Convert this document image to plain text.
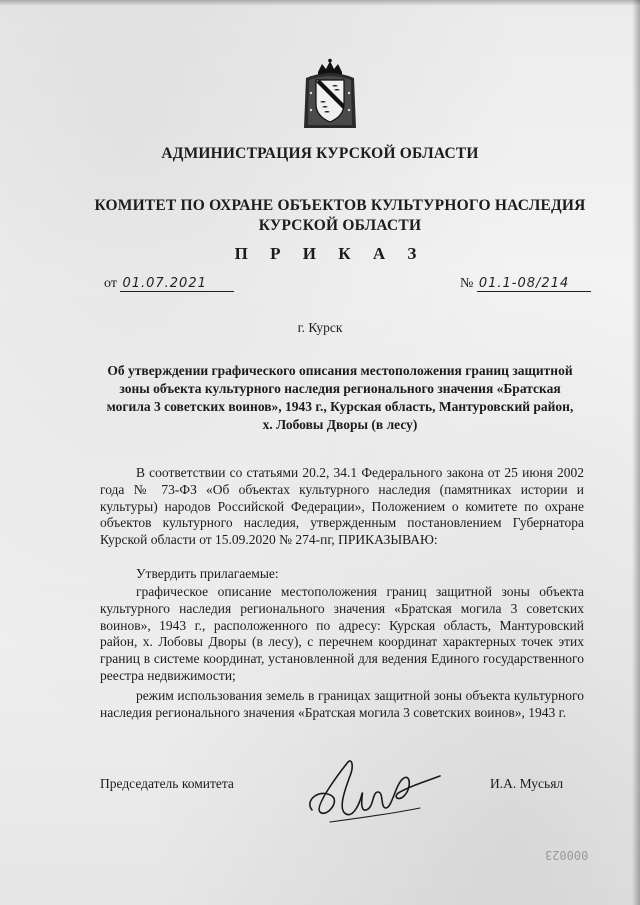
АДМИНИСТРАЦИЯ КУРСКОЙ ОБЛАСТИ
КОМИТЕТ ПО ОХРАНЕ ОБЪЕКТОВ КУЛЬТУРНОГО НАСЛЕДИЯ
КУРСКОЙ ОБЛАСТИ
П Р И К А З
от 01.07.2021	№ 01.1-08/214
г. Курск
Об утверждении графического описания местоположения границ защитной зоны объекта культурного наследия регионального значения «Братская могила 3 советских воинов», 1943 г., Курская область, Мантуровский район, х. Лобовы Дворы (в лесу)
В соответствии со статьями 20.2, 34.1 Федерального закона от 25 июня 2002 года № 73-ФЗ «Об объектах культурного наследия (памятниках истории и культуры) народов Российской Федерации», Положением о комитете по охране объектов культурного наследия, утвержденным постановлением Губернатора Курской области от 15.09.2020 № 274-пг, ПРИКАЗЫВАЮ:
Утвердить прилагаемые:
графическое описание местоположения границ защитной зоны объекта культурного наследия регионального значения «Братская могила 3 советских воинов», 1943 г., расположенного по адресу: Курская область, Мантуровский район, х. Лобовы Дворы (в лесу), с перечнем координат характерных точек этих границ в системе координат, установленной для ведения Единого государственного реестра недвижимости;
режим использования земель в границах защитной зоны объекта культурного наследия регионального значения «Братская могила 3 советских воинов», 1943 г.
Председатель комитета	И.А. Мусьял
000023
